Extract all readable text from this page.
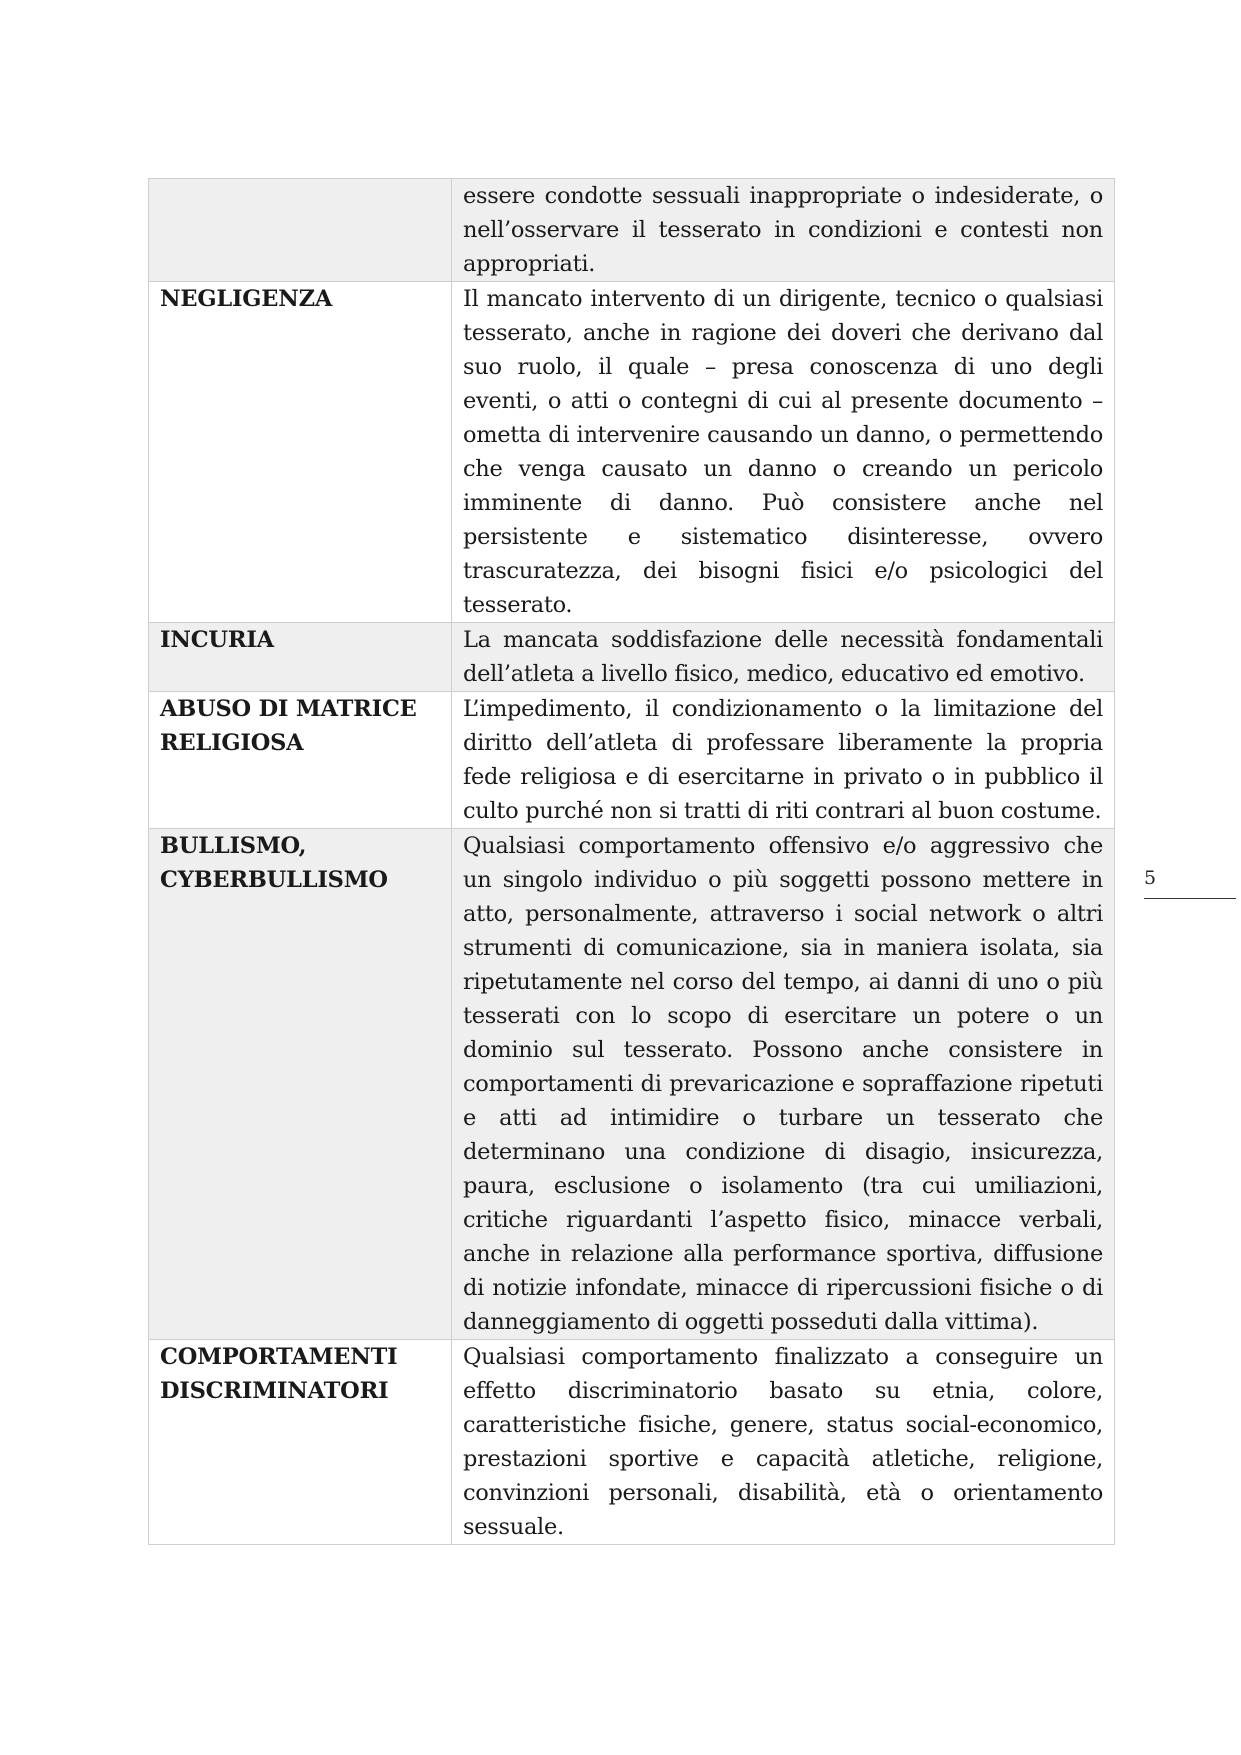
	essere condotte sessuali inappropriate o indesiderate, o nell’osservare il tesserato in condizioni e contesti non appropriati.
NEGLIGENZA	Il mancato intervento di un dirigente, tecnico o qualsiasi tesserato, anche in ragione dei doveri che derivano dal suo ruolo, il quale – presa conoscenza di uno degli eventi, o atti o contegni di cui al presente documento – ometta di intervenire causando un danno, o permettendo che venga causato un danno o creando un pericolo imminente di danno. Può consistere anche nel persistente e sistematico disinteresse, ovvero trascuratezza, dei bisogni fisici e/o psicologici del tesserato.
INCURIA	La mancata soddisfazione delle necessità fondamentali dell’atleta a livello fisico, medico, educativo ed emotivo.
ABUSO DI MATRICE RELIGIOSA	L’impedimento, il condizionamento o la limitazione del diritto dell’atleta di professare liberamente la propria fede religiosa e di esercitarne in privato o in pubblico il culto purché non si tratti di riti contrari al buon costume.
BULLISMO, CYBERBULLISMO	Qualsiasi comportamento offensivo e/o aggressivo che un singolo individuo o più soggetti possono mettere in atto, personalmente, attraverso i social network o altri strumenti di comunicazione, sia in maniera isolata, sia ripetutamente nel corso del tempo, ai danni di uno o più tesserati con lo scopo di esercitare un potere o un dominio sul tesserato. Possono anche consistere in comportamenti di prevaricazione e sopraffazione ripetuti e atti ad intimidire o turbare un tesserato che determinano una condizione di disagio, insicurezza, paura, esclusione o isolamento (tra cui umiliazioni, critiche riguardanti l’aspetto fisico, minacce verbali, anche in relazione alla performance sportiva, diffusione di notizie infondate, minacce di ripercussioni fisiche o di danneggiamento di oggetti posseduti dalla vittima).
COMPORTAMENTI DISCRIMINATORI	Qualsiasi comportamento finalizzato a conseguire un effetto discriminatorio basato su etnia, colore, caratteristiche fisiche, genere, status social-economico, prestazioni sportive e capacità atletiche, religione, convinzioni personali, disabilità, età o orientamento sessuale.
5
